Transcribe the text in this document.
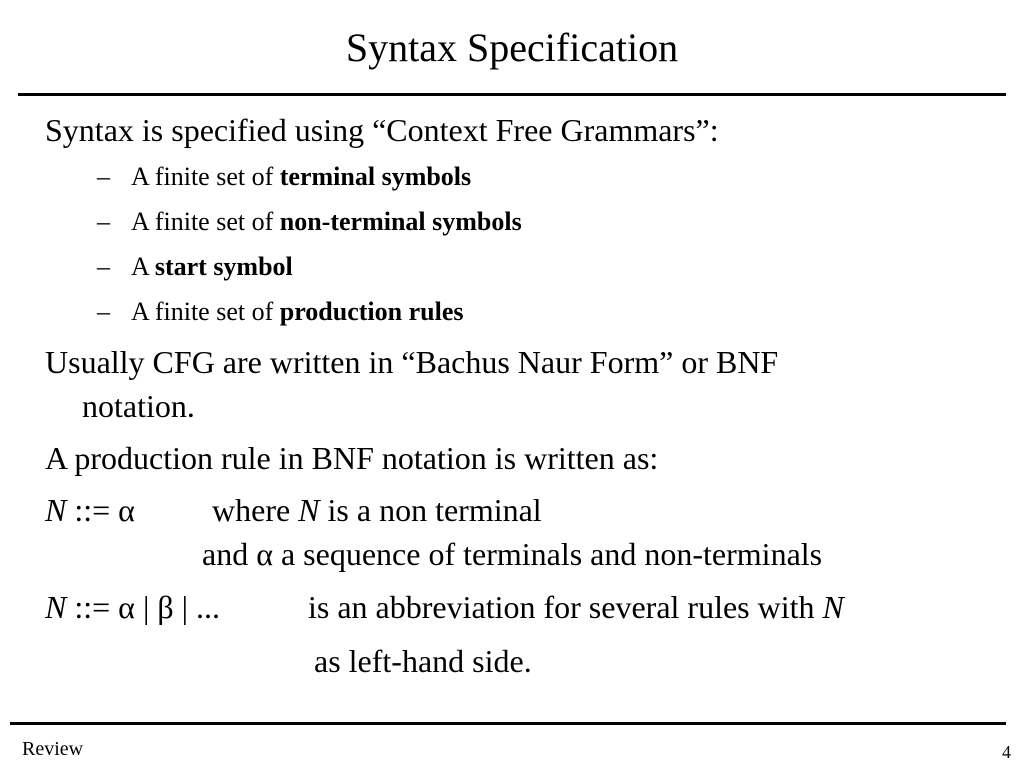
Syntax Specification
Syntax is specified using “Context Free Grammars”:
– A finite set of terminal symbols
– A finite set of non-terminal symbols
– A start symbol
– A finite set of production rules
Usually CFG are written in “Bachus Naur Form” or BNF
notation.
A production rule in BNF notation is written as:
N ::= α where N is a non terminal
and α a sequence of terminals and non-terminals
N ::= α | β | ...	is an abbreviation for several rules with N
as left-hand side.
Review	4
